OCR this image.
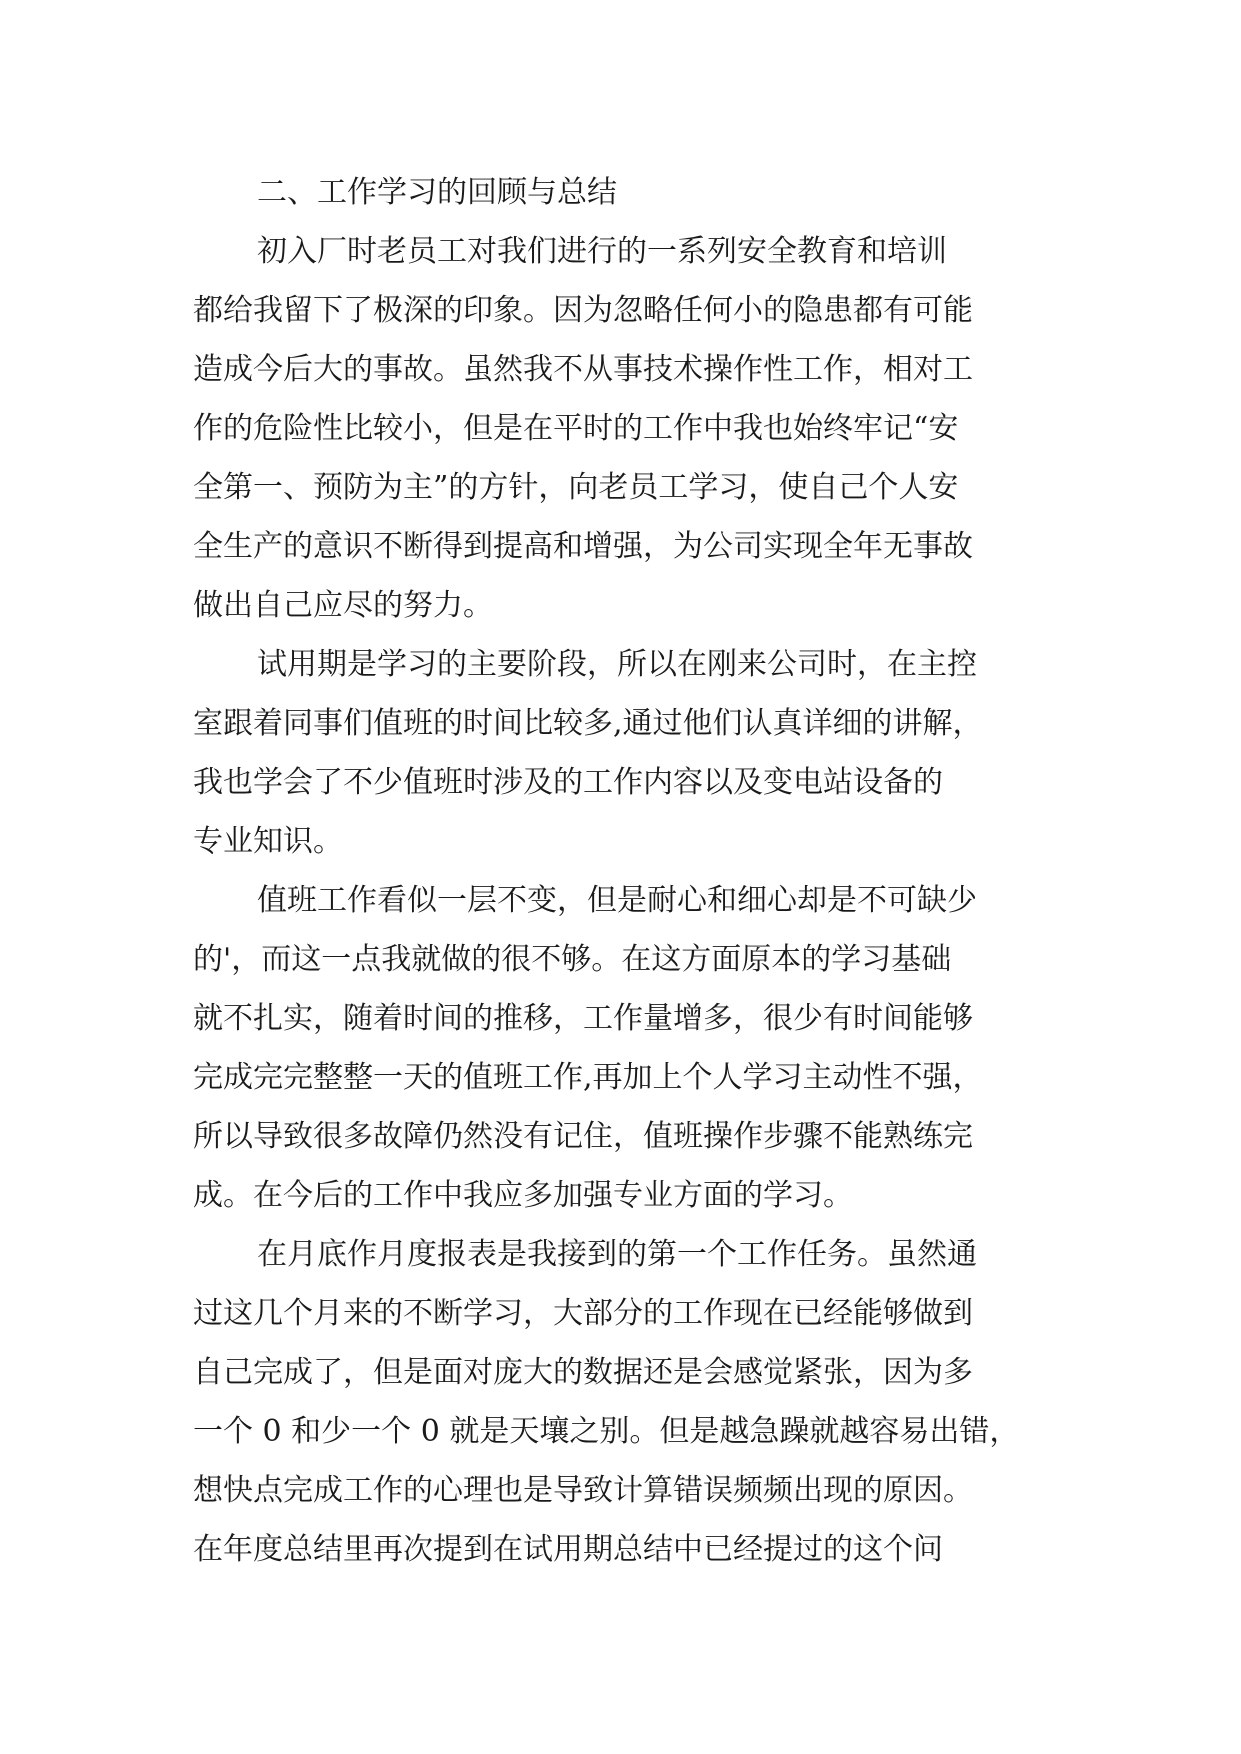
二、工作学习的回顾与总结
初入厂时老员工对我们进行的一系列安全教育和培训
都给我留下了极深的印象。因为忽略任何小的隐患都有可能
造成今后大的事故。虽然我不从事技术操作性工作，相对工
作的危险性比较小，但是在平时的工作中我也始终牢记“安
全第一、预防为主”的方针，向老员工学习，使自己个人安
全生产的意识不断得到提高和增强，为公司实现全年无事故
做出自己应尽的努力。
试用期是学习的主要阶段，所以在刚来公司时，在主控
室跟着同事们值班的时间比较多,通过他们认真详细的讲解，
我也学会了不少值班时涉及的工作内容以及变电站设备的
专业知识。
值班工作看似一层不变，但是耐心和细心却是不可缺少
的'，而这一点我就做的很不够。在这方面原本的学习基础
就不扎实，随着时间的推移，工作量增多，很少有时间能够
完成完完整整一天的值班工作,再加上个人学习主动性不强，
所以导致很多故障仍然没有记住，值班操作步骤不能熟练完
成。在今后的工作中我应多加强专业方面的学习。
在月底作月度报表是我接到的第一个工作任务。虽然通
过这几个月来的不断学习，大部分的工作现在已经能够做到
自己完成了，但是面对庞大的数据还是会感觉紧张，因为多
一个 0 和少一个 0 就是天壤之别。但是越急躁就越容易出错，
想快点完成工作的心理也是导致计算错误频频出现的原因。
在年度总结里再次提到在试用期总结中已经提过的这个问
